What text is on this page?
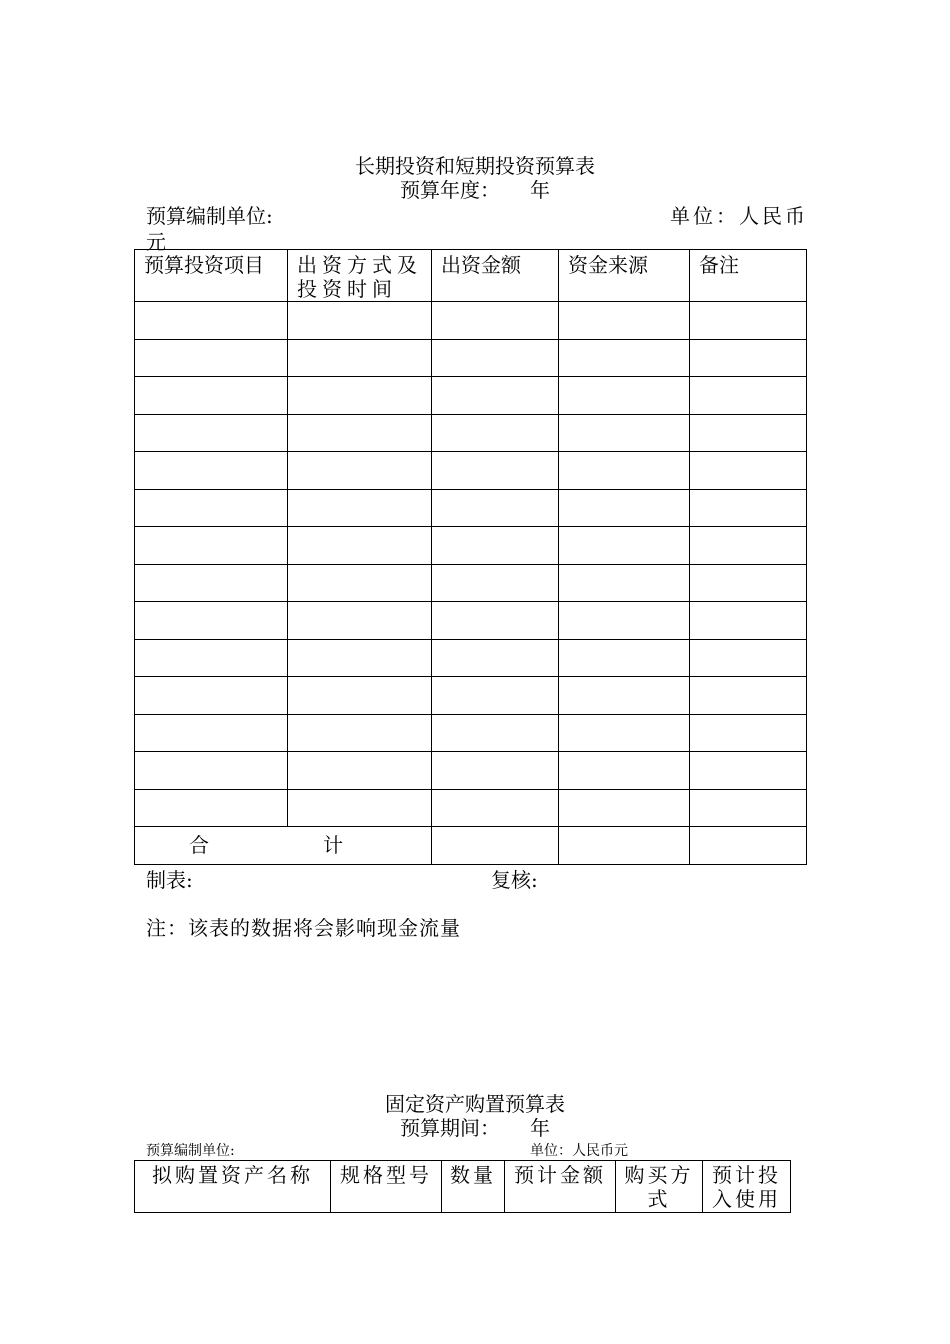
长期投资和短期投资预算表
预算年度：　　年
预算编制单位:	单位：人民币
元
预算投资项目	出资方式及投资时间	出资金额	资金来源	备注

合 计				

制表:	复核:
注：该表的数据将会影响现金流量
固定资产购置预算表
预算期间：　　年
预算编制单位:	单位：人民币元
拟购置资产名称	规格型号	数量	预计金额	购买方式	预计投入使用
